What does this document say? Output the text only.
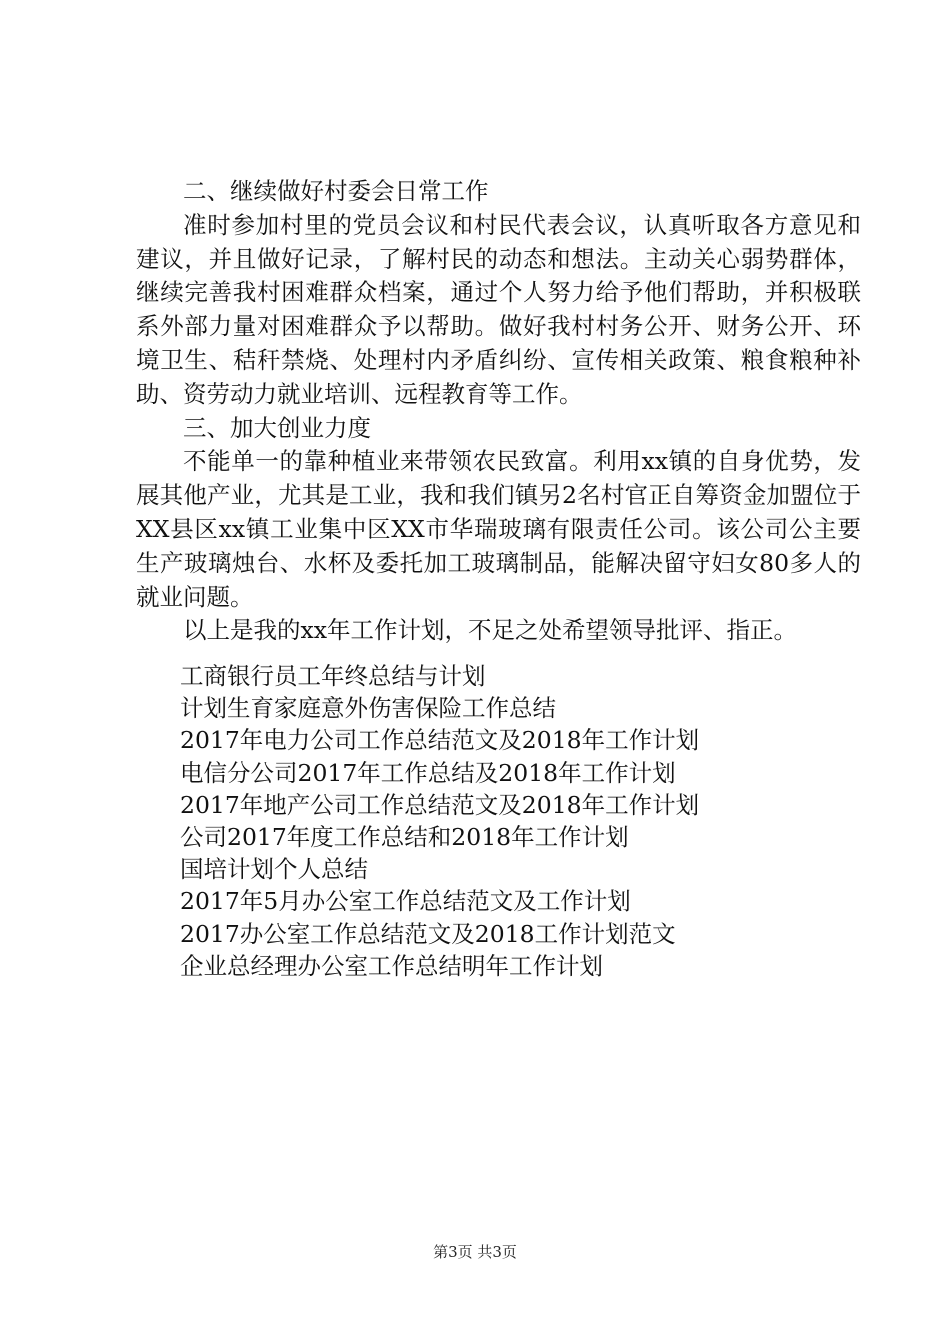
二、继续做好村委会日常工作

准时参加村里的党员会议和村民代表会议，认真听取各方意见和建议，并且做好记录，了解村民的动态和想法。主动关心弱势群体，继续完善我村困难群众档案，通过个人努力给予他们帮助，并积极联系外部力量对困难群众予以帮助。做好我村村务公开、财务公开、环境卫生、秸秆禁烧、处理村内矛盾纠纷、宣传相关政策、粮食粮种补助、资劳动力就业培训、远程教育等工作。

三、加大创业力度

不能单一的靠种植业来带领农民致富。利用xx镇的自身优势，发展其他产业，尤其是工业，我和我们镇另2名村官正自筹资金加盟位于XX县区xx镇工业集中区XX市华瑞玻璃有限责任公司。该公司公主要生产玻璃烛台、水杯及委托加工玻璃制品，能解决留守妇女80多人的就业问题。

以上是我的xx年工作计划，不足之处希望领导批评、指正。

工商银行员工年终总结与计划
计划生育家庭意外伤害保险工作总结
2017年电力公司工作总结范文及2018年工作计划
电信分公司2017年工作总结及2018年工作计划
2017年地产公司工作总结范文及2018年工作计划
公司2017年度工作总结和2018年工作计划
国培计划个人总结
2017年5月办公室工作总结范文及工作计划
2017办公室工作总结范文及2018工作计划范文
企业总经理办公室工作总结明年工作计划
第3页 共3页
